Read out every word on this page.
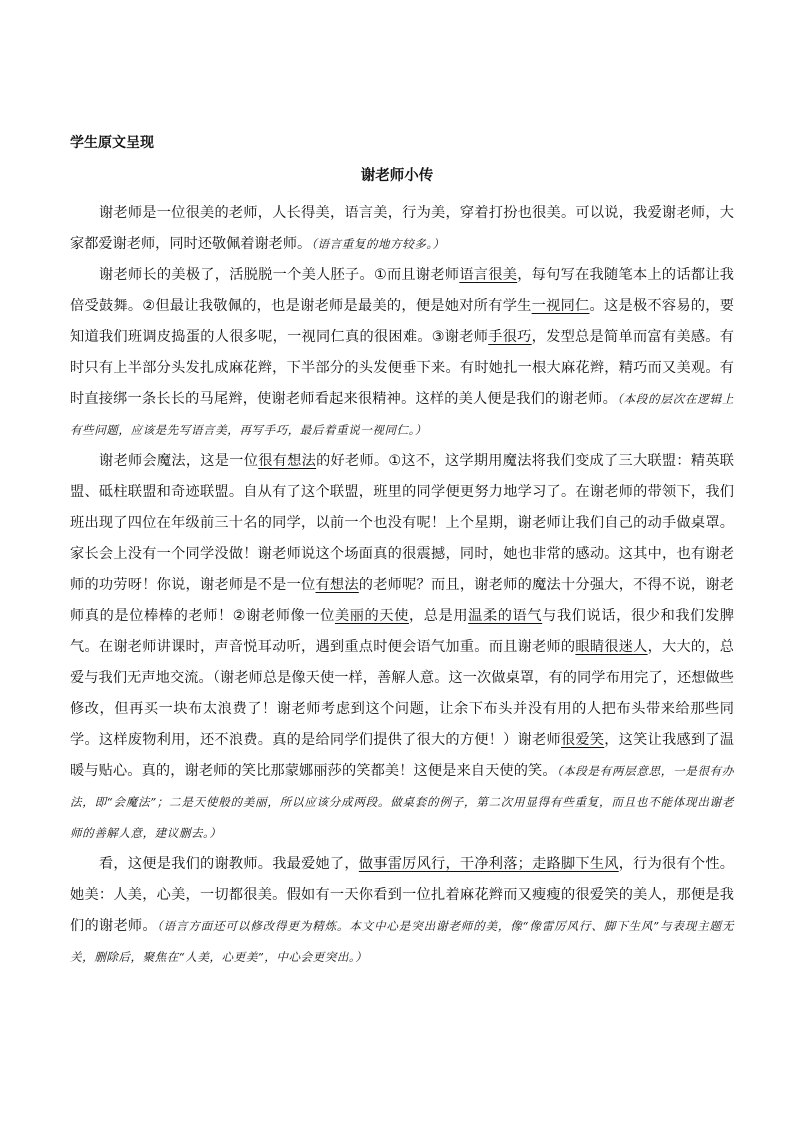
学生原文呈现
谢老师小传

谢老师是一位很美的老师，人长得美，语言美，行为美，穿着打扮也很美。可以说，我爱谢老师，大家都爱谢老师，同时还敬佩着谢老师。（语言重复的地方较多。）

谢老师长的美极了，活脱脱一个美人胚子。①而且谢老师语言很美，每句写在我随笔本上的话都让我倍受鼓舞。②但最让我敬佩的，也是谢老师是最美的，便是她对所有学生一视同仁。这是极不容易的，要知道我们班调皮捣蛋的人很多呢，一视同仁真的很困难。③谢老师手很巧，发型总是简单而富有美感。有时只有上半部分头发扎成麻花辫，下半部分的头发便垂下来。有时她扎一根大麻花辫，精巧而又美观。有时直接绑一条长长的马尾辫，使谢老师看起来很精神。这样的美人便是我们的谢老师。（本段的层次在逻辑上有些问题，应该是先写语言美，再写手巧，最后着重说一视同仁。）

谢老师会魔法，这是一位很有想法的好老师。①这不，这学期用魔法将我们变成了三大联盟：精英联盟、砥柱联盟和奇迹联盟。自从有了这个联盟，班里的同学便更努力地学习了。在谢老师的带领下，我们班出现了四位在年级前三十名的同学，以前一个也没有呢！上个星期，谢老师让我们自己的动手做桌罩。家长会上没有一个同学没做！谢老师说这个场面真的很震撼，同时，她也非常的感动。这其中，也有谢老师的功劳呀！你说，谢老师是不是一位有想法的老师呢？而且，谢老师的魔法十分强大，不得不说，谢老师真的是位棒棒的老师！②谢老师像一位美丽的天使，总是用温柔的语气与我们说话，很少和我们发脾气。在谢老师讲课时，声音悦耳动听，遇到重点时便会语气加重。而且谢老师的眼睛很迷人，大大的，总爱与我们无声地交流。（谢老师总是像天使一样，善解人意。这一次做桌罩，有的同学布用完了，还想做些修改，但再买一块布太浪费了！谢老师考虑到这个问题，让余下布头并没有用的人把布头带来给那些同学。这样废物利用，还不浪费。真的是给同学们提供了很大的方便！）谢老师很爱笑，这笑让我感到了温暖与贴心。真的，谢老师的笑比那蒙娜丽莎的笑都美！这便是来自天使的笑。（本段是有两层意思，一是很有办法，即“会魔法”；二是天使般的美丽，所以应该分成两段。做桌套的例子，第二次用显得有些重复，而且也不能体现出谢老师的善解人意，建议删去。）

看，这便是我们的谢教师。我最爱她了，做事雷厉风行，干净利落；走路脚下生风，行为很有个性。她美：人美，心美，一切都很美。假如有一天你看到一位扎着麻花辫而又瘦瘦的很爱笑的美人，那便是我们的谢老师。（语言方面还可以修改得更为精炼。本文中心是突出谢老师的美，像“像雷厉风行、脚下生风”与表现主题无关，删除后，聚焦在“人美，心更美”，中心会更突出。）
